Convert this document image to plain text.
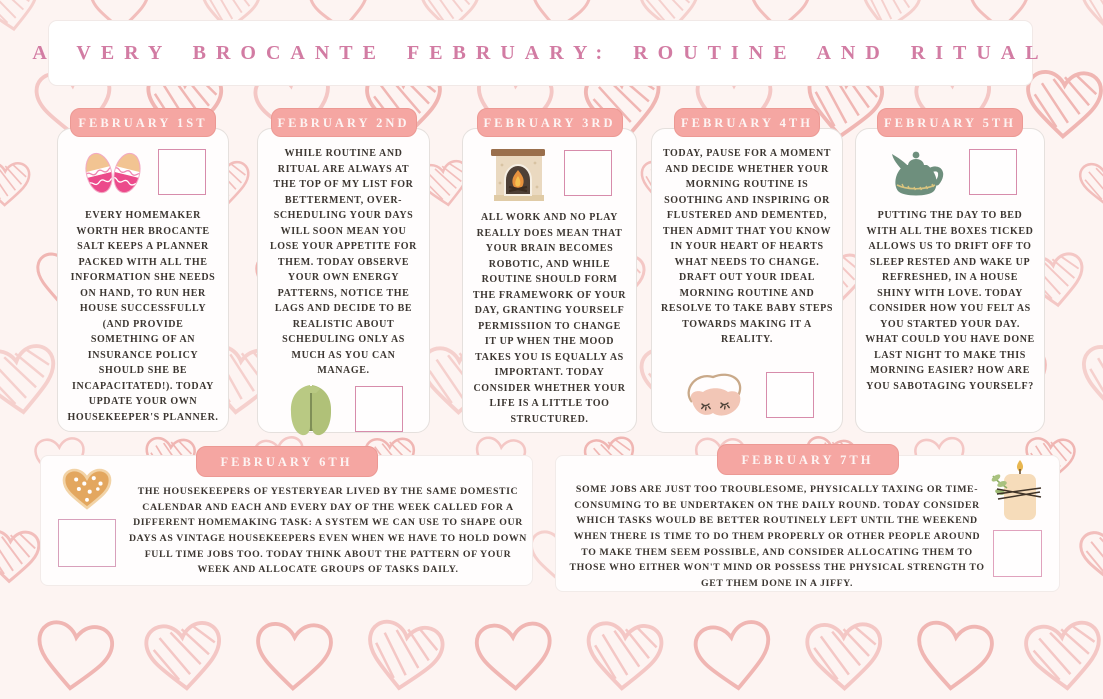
A VERY BROCANTE FEBRUARY: ROUTINE AND RITUAL
FEBRUARY 1ST

EVERY HOMEMAKER WORTH HER BROCANTE SALT KEEPS A PLANNER PACKED WITH ALL THE INFORMATION SHE NEEDS ON HAND, TO RUN HER HOUSE SUCCESSFULLY (AND PROVIDE SOMETHING OF AN INSURANCE POLICY SHOULD SHE BE INCAPACITATED!). TODAY UPDATE YOUR OWN HOUSEKEEPER'S PLANNER.

FEBRUARY 2ND

WHILE ROUTINE AND RITUAL ARE ALWAYS AT THE TOP OF MY LIST FOR BETTERMENT, OVER-SCHEDULING YOUR DAYS WILL SOON MEAN YOU LOSE YOUR APPETITE FOR THEM. TODAY OBSERVE YOUR OWN ENERGY PATTERNS, NOTICE THE LAGS AND DECIDE TO BE REALISTIC ABOUT SCHEDULING ONLY AS MUCH AS YOU CAN MANAGE.

FEBRUARY 3RD

ALL WORK AND NO PLAY REALLY DOES MEAN THAT YOUR BRAIN BECOMES ROBOTIC, AND WHILE ROUTINE SHOULD FORM THE FRAMEWORK OF YOUR DAY, GRANTING YOURSELF PERMISSIION TO CHANGE IT UP WHEN THE MOOD TAKES YOU IS EQUALLY AS IMPORTANT. TODAY CONSIDER WHETHER YOUR LIFE IS A LITTLE TOO STRUCTURED.

FEBRUARY 4TH

TODAY, PAUSE FOR A MOMENT AND DECIDE WHETHER YOUR MORNING ROUTINE IS SOOTHING AND INSPIRING OR FLUSTERED AND DEMENTED, THEN ADMIT THAT YOU KNOW IN YOUR HEART OF HEARTS WHAT NEEDS TO CHANGE. DRAFT OUT YOUR IDEAL MORNING ROUTINE AND RESOLVE TO TAKE BABY STEPS TOWARDS MAKING IT A REALITY.

FEBRUARY 5TH

PUTTING THE DAY TO BED WITH ALL THE BOXES TICKED ALLOWS US TO DRIFT OFF TO SLEEP RESTED AND WAKE UP REFRESHED, IN A HOUSE SHINY WITH LOVE. TODAY CONSIDER HOW YOU FELT AS YOU STARTED YOUR DAY. WHAT COULD YOU HAVE DONE LAST NIGHT TO MAKE THIS MORNING EASIER? HOW ARE YOU SABOTAGING YOURSELF?

FEBRUARY 6TH

THE HOUSEKEEPERS OF YESTERYEAR LIVED BY THE SAME DOMESTIC CALENDAR AND EACH AND EVERY DAY OF THE WEEK CALLED FOR A DIFFERENT HOMEMAKING TASK: A SYSTEM WE CAN USE TO SHAPE OUR DAYS AS VINTAGE HOUSEKEEPERS EVEN WHEN WE HAVE TO HOLD DOWN FULL TIME JOBS TOO. TODAY THINK ABOUT THE PATTERN OF YOUR WEEK AND ALLOCATE GROUPS OF TASKS DAILY.

FEBRUARY 7TH

SOME JOBS ARE JUST TOO TROUBLESOME, PHYSICALLY TAXING OR TIME-CONSUMING TO BE UNDERTAKEN ON THE DAILY ROUND. TODAY CONSIDER WHICH TASKS WOULD BE BETTER ROUTINELY LEFT UNTIL THE WEEKEND WHEN THERE IS TIME TO DO THEM PROPERLY OR OTHER PEOPLE AROUND TO MAKE THEM SEEM POSSIBLE, AND CONSIDER ALLOCATING THEM TO THOSE WHO EITHER WON'T MIND OR POSSESS THE PHYSICAL STRENGTH TO GET THEM DONE IN A JIFFY.
